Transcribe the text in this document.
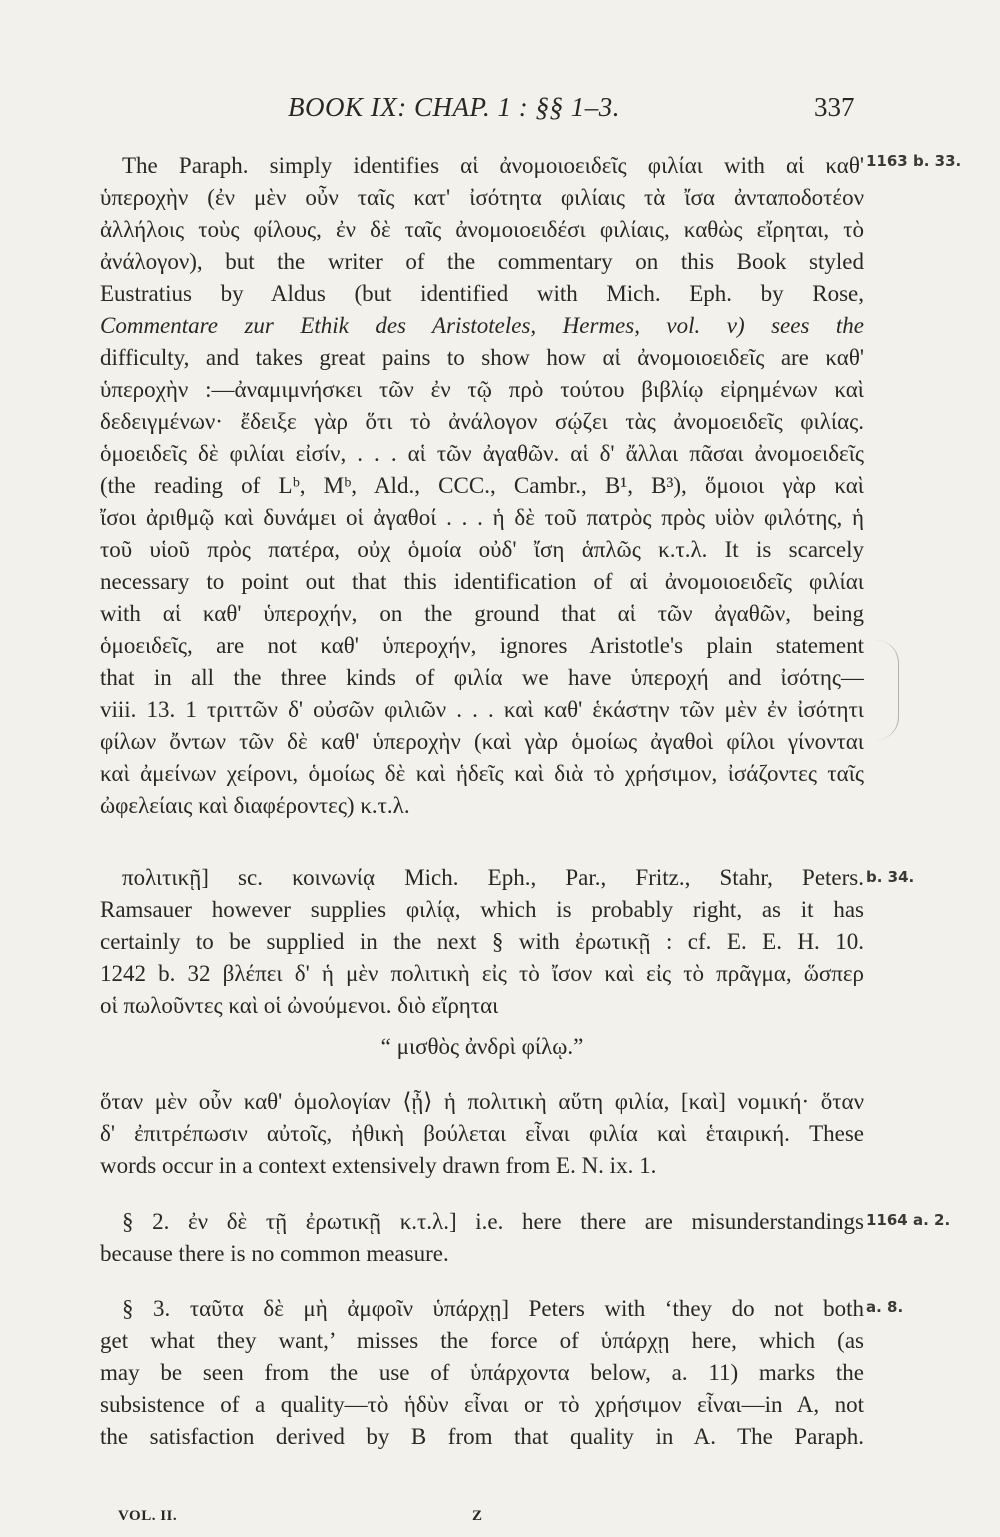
BOOK IX: CHAP. 1 : §§ 1–3.	337
1163 b. 33.
b. 34.
1164 a. 2.
a. 8.
The Paraph. simply identifies αἱ ἀνομοιοειδεῖς φιλίαι with αἱ καθ'
ὑπεροχὴν (ἐν μὲν οὖν ταῖς κατ' ἰσότητα φιλίαις τὰ ἴσα ἀνταποδοτέον
ἀλλήλοις τοὺς φίλους, ἐν δὲ ταῖς ἀνομοιοειδέσι φιλίαις, καθὼς εἴρηται, τὸ
ἀνάλογον), but the writer of the commentary on this Book styled
Eustratius by Aldus (but identified with Mich. Eph. by Rose,
Commentare zur Ethik des Aristoteles, Hermes, vol. v) sees the
difficulty, and takes great pains to show how αἱ ἀνομοιοειδεῖς are καθ'
ὑπεροχὴν :—ἀναμιμνήσκει τῶν ἐν τῷ πρὸ τούτου βιβλίῳ εἰρημένων καὶ
δεδειγμένων· ἔδειξε γὰρ ὅτι τὸ ἀνάλογον σῴζει τὰς ἀνομοειδεῖς φιλίας.
ὁμοειδεῖς δὲ φιλίαι εἰσίν, . . . αἱ τῶν ἀγαθῶν. αἱ δ' ἄλλαι πᾶσαι ἀνομοειδεῖς
(the reading of Lᵇ, Mᵇ, Ald., CCC., Cambr., B¹, B³), ὅμοιοι γὰρ καὶ
ἴσοι ἀριθμῷ καὶ δυνάμει οἱ ἀγαθοί . . . ἡ δὲ τοῦ πατρὸς πρὸς υἱὸν φιλότης, ἡ
τοῦ υἱοῦ πρὸς πατέρα, οὐχ ὁμοία οὐδ' ἴση ἁπλῶς κ.τ.λ. It is scarcely
necessary to point out that this identification of αἱ ἀνομοιοειδεῖς φιλίαι
with αἱ καθ' ὑπεροχήν, on the ground that αἱ τῶν ἀγαθῶν, being
ὁμοειδεῖς, are not καθ' ὑπεροχήν, ignores Aristotle's plain statement
that in all the three kinds of φιλία we have ὑπεροχή and ἰσότης—
viii. 13. 1 τριττῶν δ' οὐσῶν φιλιῶν . . . καὶ καθ' ἑκάστην τῶν μὲν ἐν ἰσότητι
φίλων ὄντων τῶν δὲ καθ' ὑπεροχὴν (καὶ γὰρ ὁμοίως ἀγαθοὶ φίλοι γίνονται
καὶ ἀμείνων χείρονι, ὁμοίως δὲ καὶ ἡδεῖς καὶ διὰ τὸ χρήσιμον, ἰσάζοντες ταῖς
ὠφελείαις καὶ διαφέροντες) κ.τ.λ.
πολιτικῇ] sc. κοινωνίᾳ Mich. Eph., Par., Fritz., Stahr, Peters.
Ramsauer however supplies φιλίᾳ, which is probably right, as it has
certainly to be supplied in the next § with ἐρωτικῇ : cf. E. E. H. 10.
1242 b. 32 βλέπει δ' ἡ μὲν πολιτικὴ εἰς τὸ ἴσον καὶ εἰς τὸ πρᾶγμα, ὥσπερ
οἱ πωλοῦντες καὶ οἱ ὠνούμενοι. διὸ εἴρηται
“ μισθὸς ἀνδρὶ φίλῳ.”
ὅταν μὲν οὖν καθ' ὁμολογίαν ⟨ᾖ⟩ ἡ πολιτικὴ αὕτη φιλία, [καὶ] νομική· ὅταν
δ' ἐπιτρέπωσιν αὐτοῖς, ἠθικὴ βούλεται εἶναι φιλία καὶ ἑταιρική. These
words occur in a context extensively drawn from E. N. ix. 1.
§ 2. ἐν δὲ τῇ ἐρωτικῇ κ.τ.λ.] i.e. here there are misunderstandings
because there is no common measure.
§ 3. ταῦτα δὲ μὴ ἀμφοῖν ὑπάρχῃ] Peters with ‘they do not both
get what they want,’ misses the force of ὑπάρχῃ here, which (as
may be seen from the use of ὑπάρχοντα below, a. 11) marks the
subsistence of a quality—τὸ ἡδὺν εἶναι or τὸ χρήσιμον εἶναι—in A, not
the satisfaction derived by B from that quality in A. The Paraph.
VOL. II.	Z
